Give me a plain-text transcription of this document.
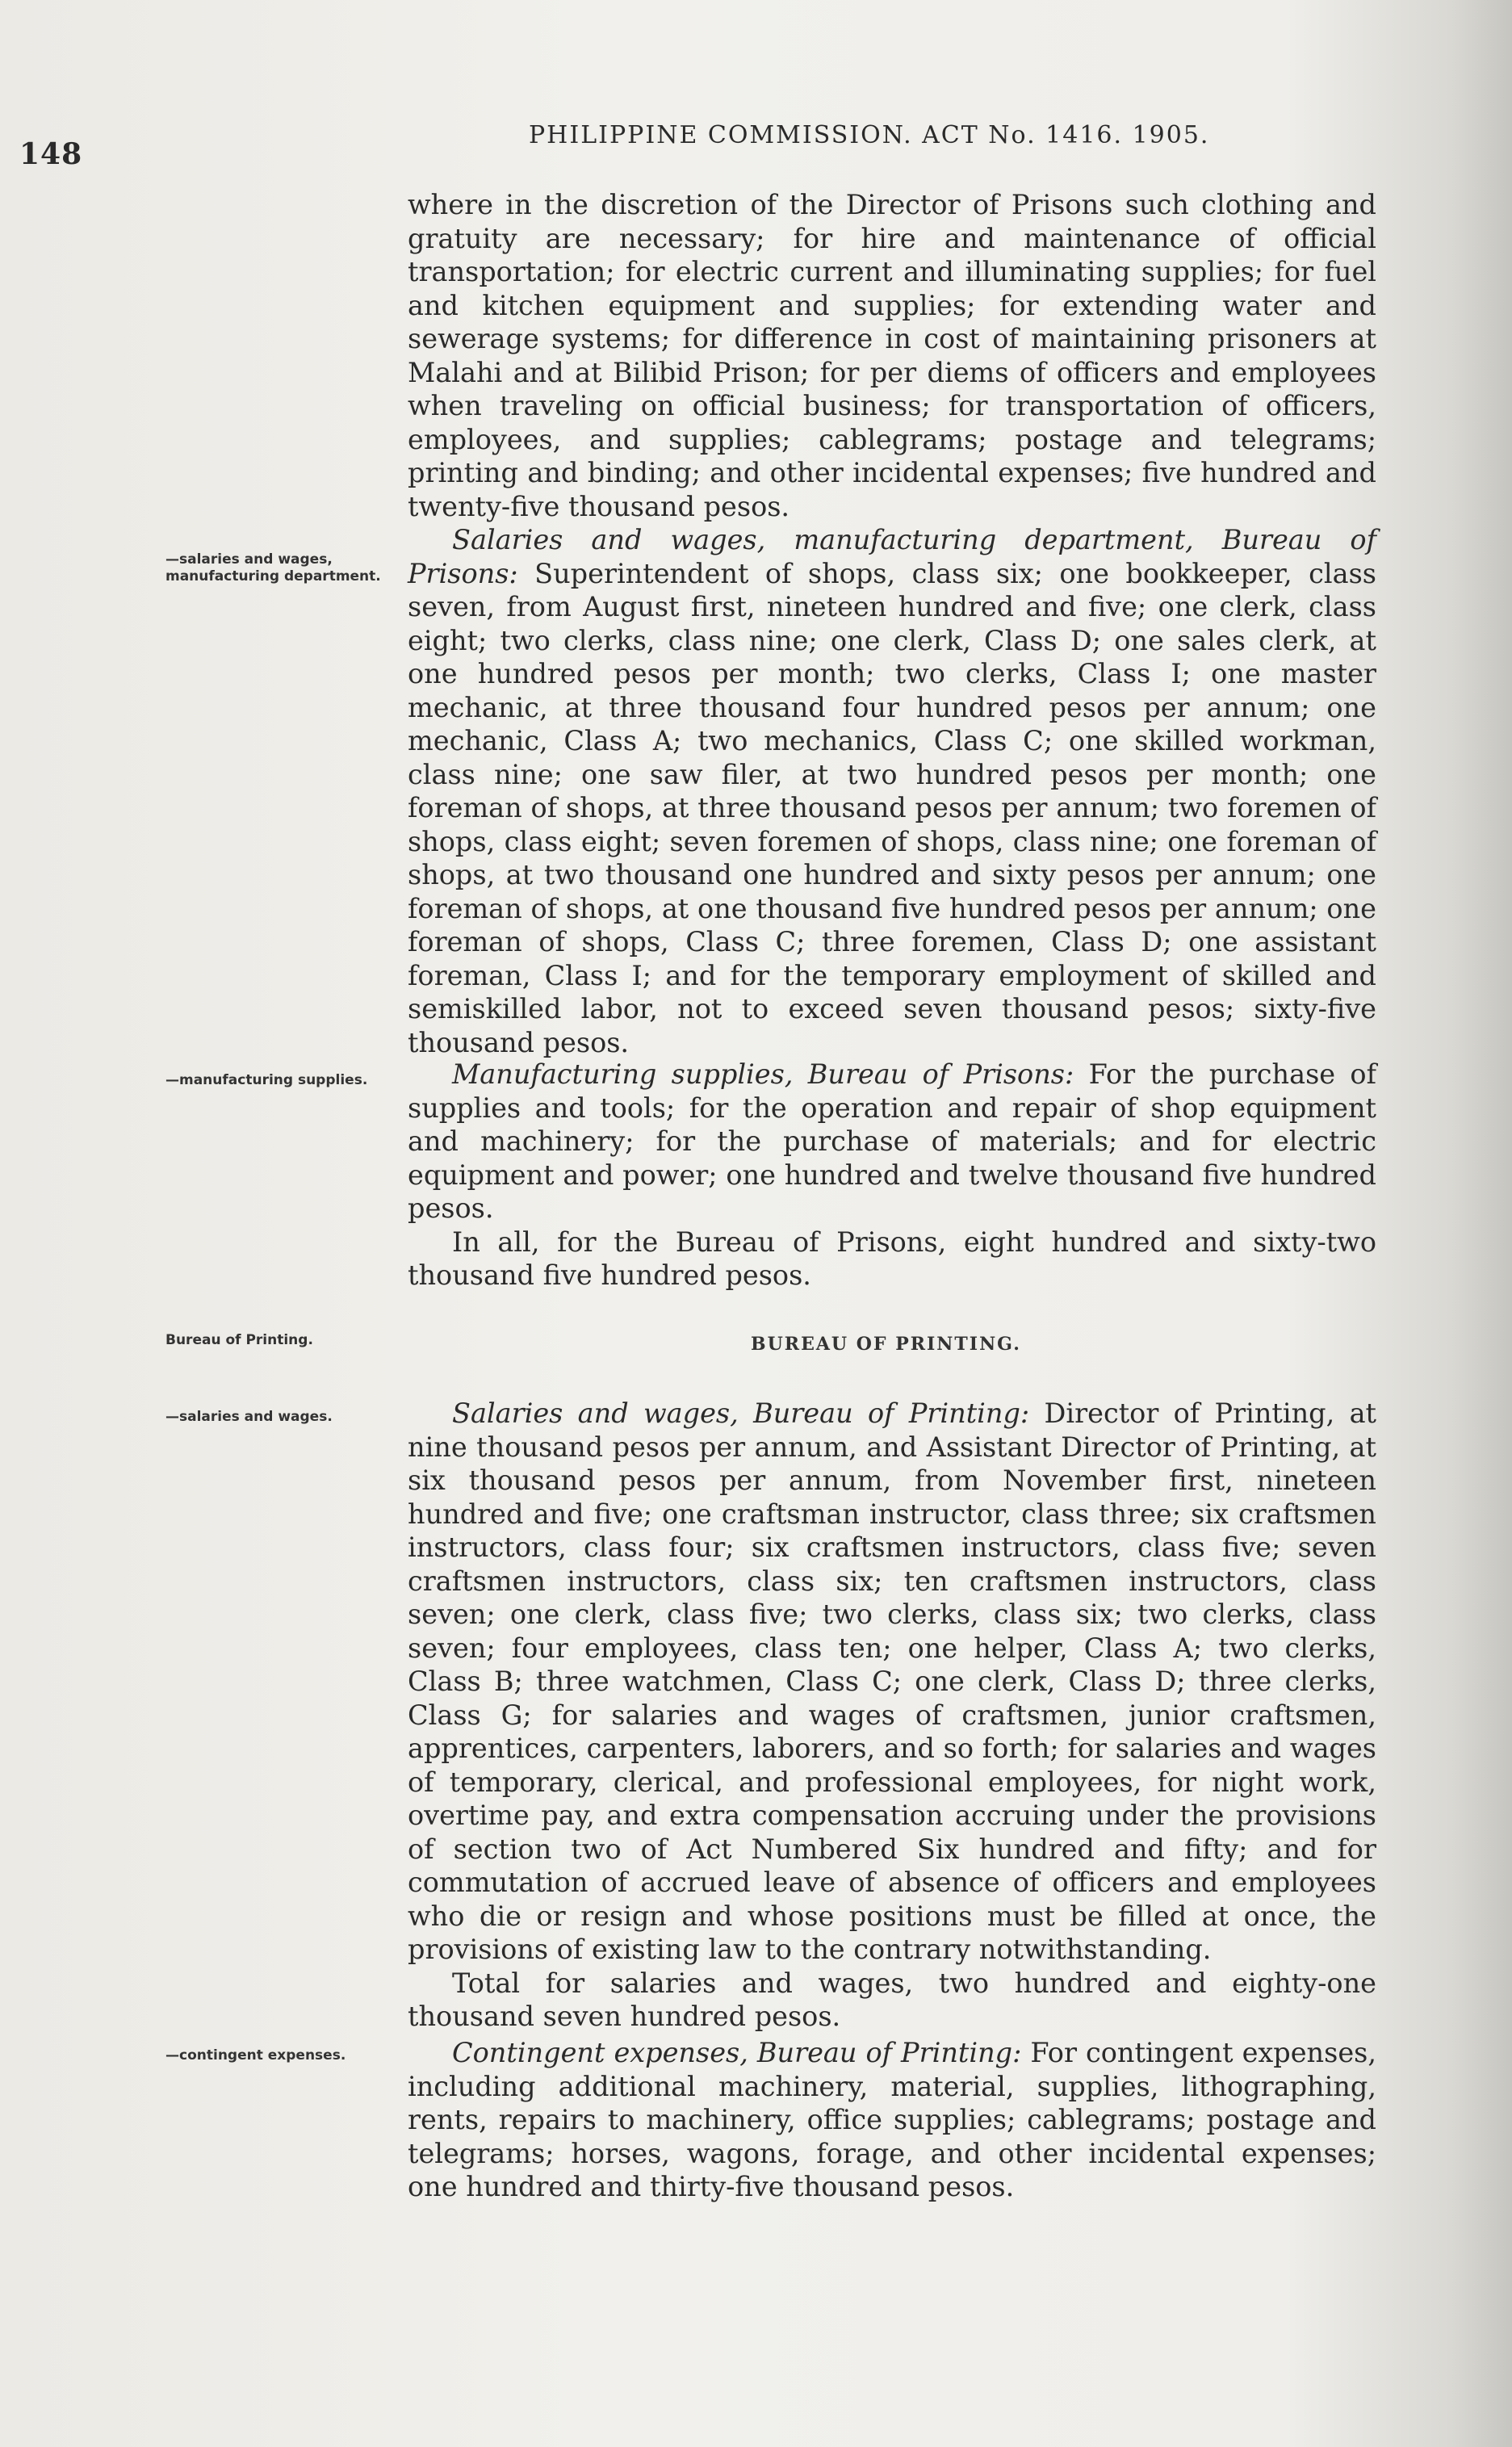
148
PHILIPPINE COMMISSION. ACT No. 1416. 1905.

where in the discretion of the Director of Prisons such clothing and gratuity are necessary; for hire and maintenance of official transportation; for electric current and illuminating supplies; for fuel and kitchen equipment and supplies; for extending water and sewerage systems; for difference in cost of maintaining prisoners at Malahi and at Bilibid Prison; for per diems of officers and employees when traveling on official business; for transportation of officers, employees, and supplies; cablegrams; postage and telegrams; printing and binding; and other incidental expenses; five hundred and twenty-five thousand pesos.

—salaries and wages, manufacturing department.

Salaries and wages, manufacturing department, Bureau of Prisons: Superintendent of shops, class six; one bookkeeper, class seven, from August first, nineteen hundred and five; one clerk, class eight; two clerks, class nine; one clerk, Class D; one sales clerk, at one hundred pesos per month; two clerks, Class I; one master mechanic, at three thousand four hundred pesos per annum; one mechanic, Class A; two mechanics, Class C; one skilled workman, class nine; one saw filer, at two hundred pesos per month; one foreman of shops, at three thousand pesos per annum; two foremen of shops, class eight; seven foremen of shops, class nine; one foreman of shops, at two thousand one hundred and sixty pesos per annum; one foreman of shops, at one thousand five hundred pesos per annum; one foreman of shops, Class C; three foremen, Class D; one assistant foreman, Class I; and for the temporary employment of skilled and semiskilled labor, not to exceed seven thousand pesos; sixty-five thousand pesos.

—manufacturing supplies.	Manufacturing supplies, Bureau of Prisons: For the purchase of supplies and tools; for the operation and repair of shop equipment and machinery; for the purchase of materials; and for electric equipment and power; one hundred and twelve thousand five hundred pesos.

In all, for the Bureau of Prisons, eight hundred and sixty-two thousand five hundred pesos.

Bureau of Printing.	BUREAU OF PRINTING.
—salaries and wages.	Salaries and wages, Bureau of Printing: Director of Printing, at nine thousand pesos per annum, and Assistant Director of Printing, at six thousand pesos per annum, from November first, nineteen hundred and five; one craftsman instructor, class three; six craftsmen instructors, class four; six craftsmen instructors, class five; seven craftsmen instructors, class six; ten craftsmen instructors, class seven; one clerk, class five; two clerks, class six; two clerks, class seven; four employees, class ten; one helper, Class A; two clerks, Class B; three watchmen, Class C; one clerk, Class D; three clerks, Class G; for salaries and wages of craftsmen, junior craftsmen, apprentices, carpenters, laborers, and so forth; for salaries and wages of temporary, clerical, and professional employees, for night work, overtime pay, and extra compensation accruing under the provisions of section two of Act Numbered Six hundred and fifty; and for commutation of accrued leave of absence of officers and employees who die or resign and whose positions must be filled at once, the provisions of existing law to the contrary notwithstanding.

Total for salaries and wages, two hundred and eighty-one thousand seven hundred pesos.

—contingent expenses.	Contingent expenses, Bureau of Printing: For contingent expenses, including additional machinery, material, supplies, lithographing, rents, repairs to machinery, office supplies; cablegrams; postage and telegrams; horses, wagons, forage, and other incidental expenses; one hundred and thirty-five thousand pesos.
